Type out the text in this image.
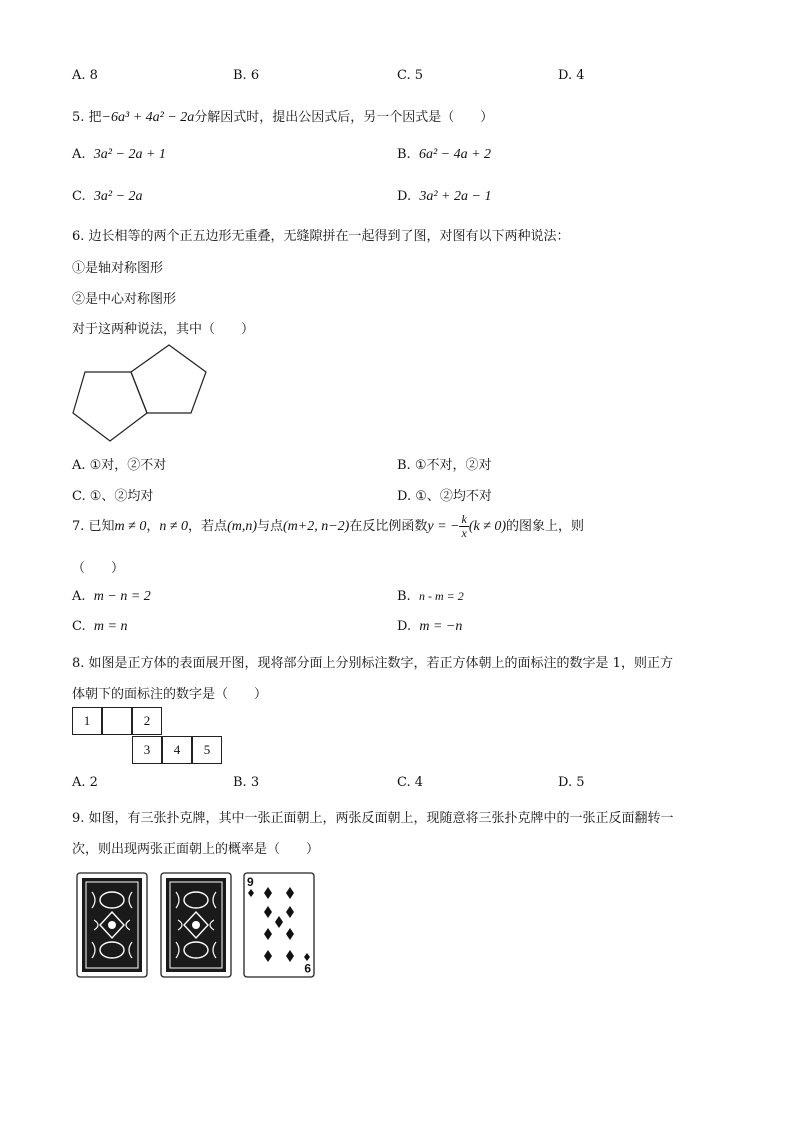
A. 8	B. 6	C. 5	D. 4
5. 把−6a³ + 4a² − 2a分解因式时，提出公因式后，另一个因式是（　　）
A. 3a² − 2a + 1	B. 6a² − 4a + 2
C. 3a² − 2a	D. 3a² + 2a − 1
6. 边长相等的两个正五边形无重叠，无缝隙拼在一起得到了图，对图有以下两种说法：
①是轴对称图形
②是中心对称图形
对于这两种说法，其中（　　）
A. ①对，②不对	B. ①不对，②对
C. ①、②均对	D. ①、②均不对
7. 已知m ≠ 0，n ≠ 0，若点(m,n)与点(m+2, n−2)在反比例函数y = − $\frac{k}{x} (k \ne 0)$的图象上，则
（　　）
A. m − n = 2	B. n - m = 2
C. m = n	D. m = −n
8. 如图是正方体的表面展开图，现将部分面上分别标注数字，若正方体朝上的面标注的数字是 1，则正方
体朝下的面标注的数字是（　　）
1	2
3	4	5
A. 2	B. 3	C. 4	D. 5
9. 如图，有三张扑克牌，其中一张正面朝上，两张反面朝上，现随意将三张扑克牌中的一张正反面翻转一
次，则出现两张正面朝上的概率是（　　）
9
9
